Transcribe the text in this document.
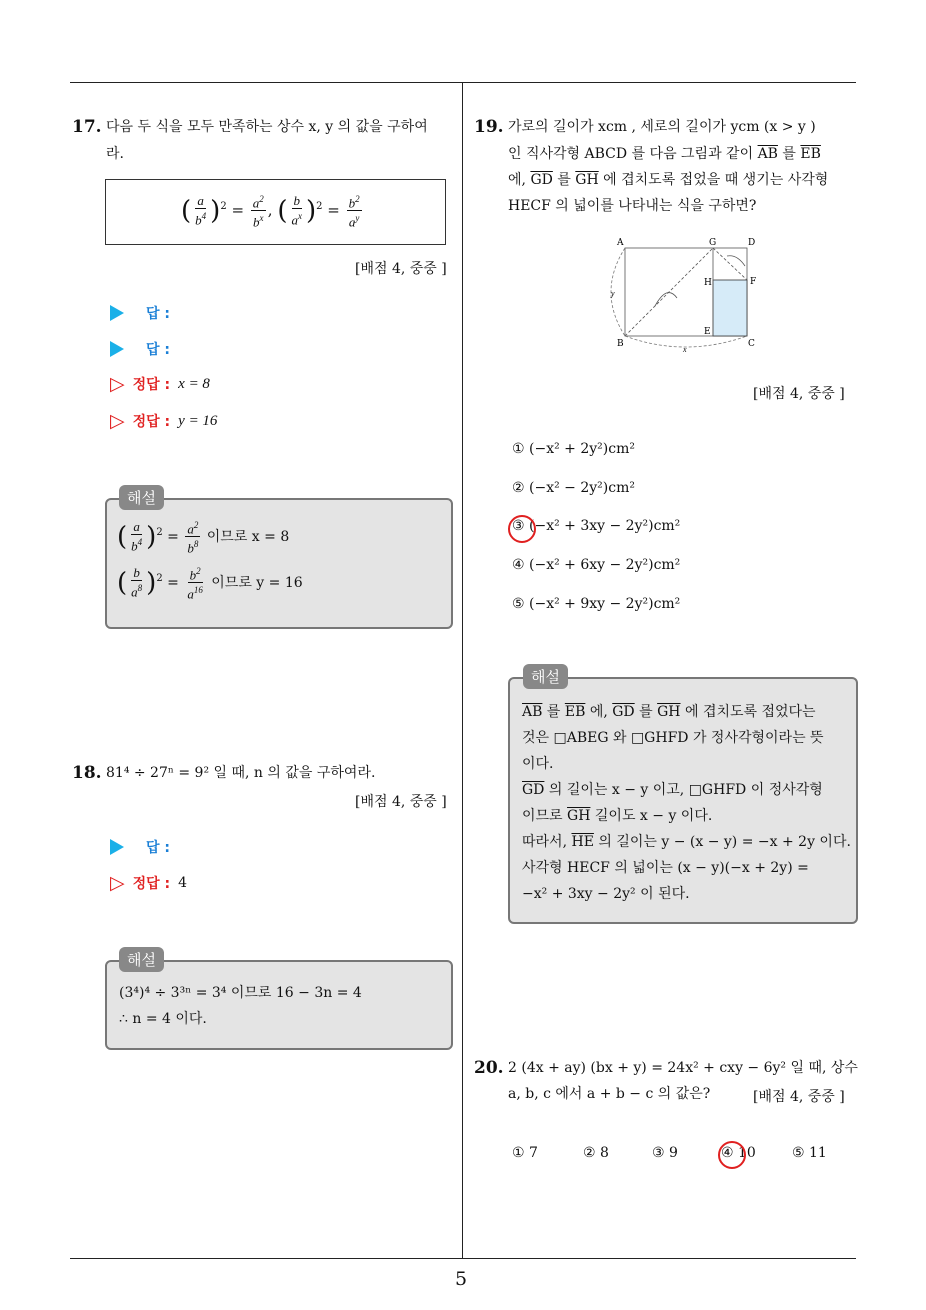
5
17. 다음 두 식을 모두 만족하는 상수 x, y 의 값을 구하여
라.
( $\frac{a}{b^4} )^2 = \frac{a^2}{b^x}$ , ( $\frac{b}{a^x} )^2 = \frac{b^2}{a^y}$
[배점 4, 중중 ]
답 :
답 :
▷ 정답 : x = 8
▷ 정답 : y = 16
( $\frac{a}{b^4} )^2 = \frac{a^2}{b^8}$ 이므로 x = 8
( $\frac{b}{a^8} )^2 = \frac{b^2}{a^{16}}$ 이므로 y = 16
해설
18. 81⁴ ÷ 27ⁿ = 9² 일 때, n 의 값을 구하여라.
[배점 4, 중중 ]
답 :
▷ 정답 : 4
(3⁴)⁴ ÷ 3³ⁿ = 3⁴ 이므로 16 − 3n = 4
∴ n = 4 이다.
해설
19. 가로의 길이가 xcm , 세로의 길이가 ycm (x > y )
인 직사각형 ABCD 를 다음 그림과 같이 $\overline{AB}$ 를 $\overline{EB}$
에, $\overline{GD}$ 를 $\overline{GH}$ 에 겹치도록 접었을 때 생기는 사각형
HECF 의 넓이를 나타내는 식을 구하면?
A	G	D
H	F
E
B	C
x
y
[배점 4, 중중 ]
① (−x² + 2y²)cm²
② (−x² − 2y²)cm²
③ (−x² + 3xy − 2y²)cm²
④ (−x² + 6xy − 2y²)cm²
⑤ (−x² + 9xy − 2y²)cm²
$\overline{AB}$ 를 $\overline{EB}$ 에, $\overline{GD}$ 를 $\overline{GH}$ 에 겹치도록 접었다는
것은 □ABEG 와 □GHFD 가 정사각형이라는 뜻
이다.
$\overline{GD}$ 의 길이는 x − y 이고, □GHFD 이 정사각형
이므로 $\overline{GH}$ 길이도 x − y 이다.
따라서, $\overline{HE}$ 의 길이는 y − (x − y) = −x + 2y 이다.
사각형 HECF 의 넓이는 (x − y)(−x + 2y) =
−x² + 3xy − 2y² 이 된다.
해설
20. 2 (4x + ay) (bx + y) = 24x² + cxy − 6y² 일 때, 상수
a, b, c 에서 a + b − c 의 값은?	[배점 4, 중중 ]
① 7	② 8	③ 9	④ 10	⑤ 11
